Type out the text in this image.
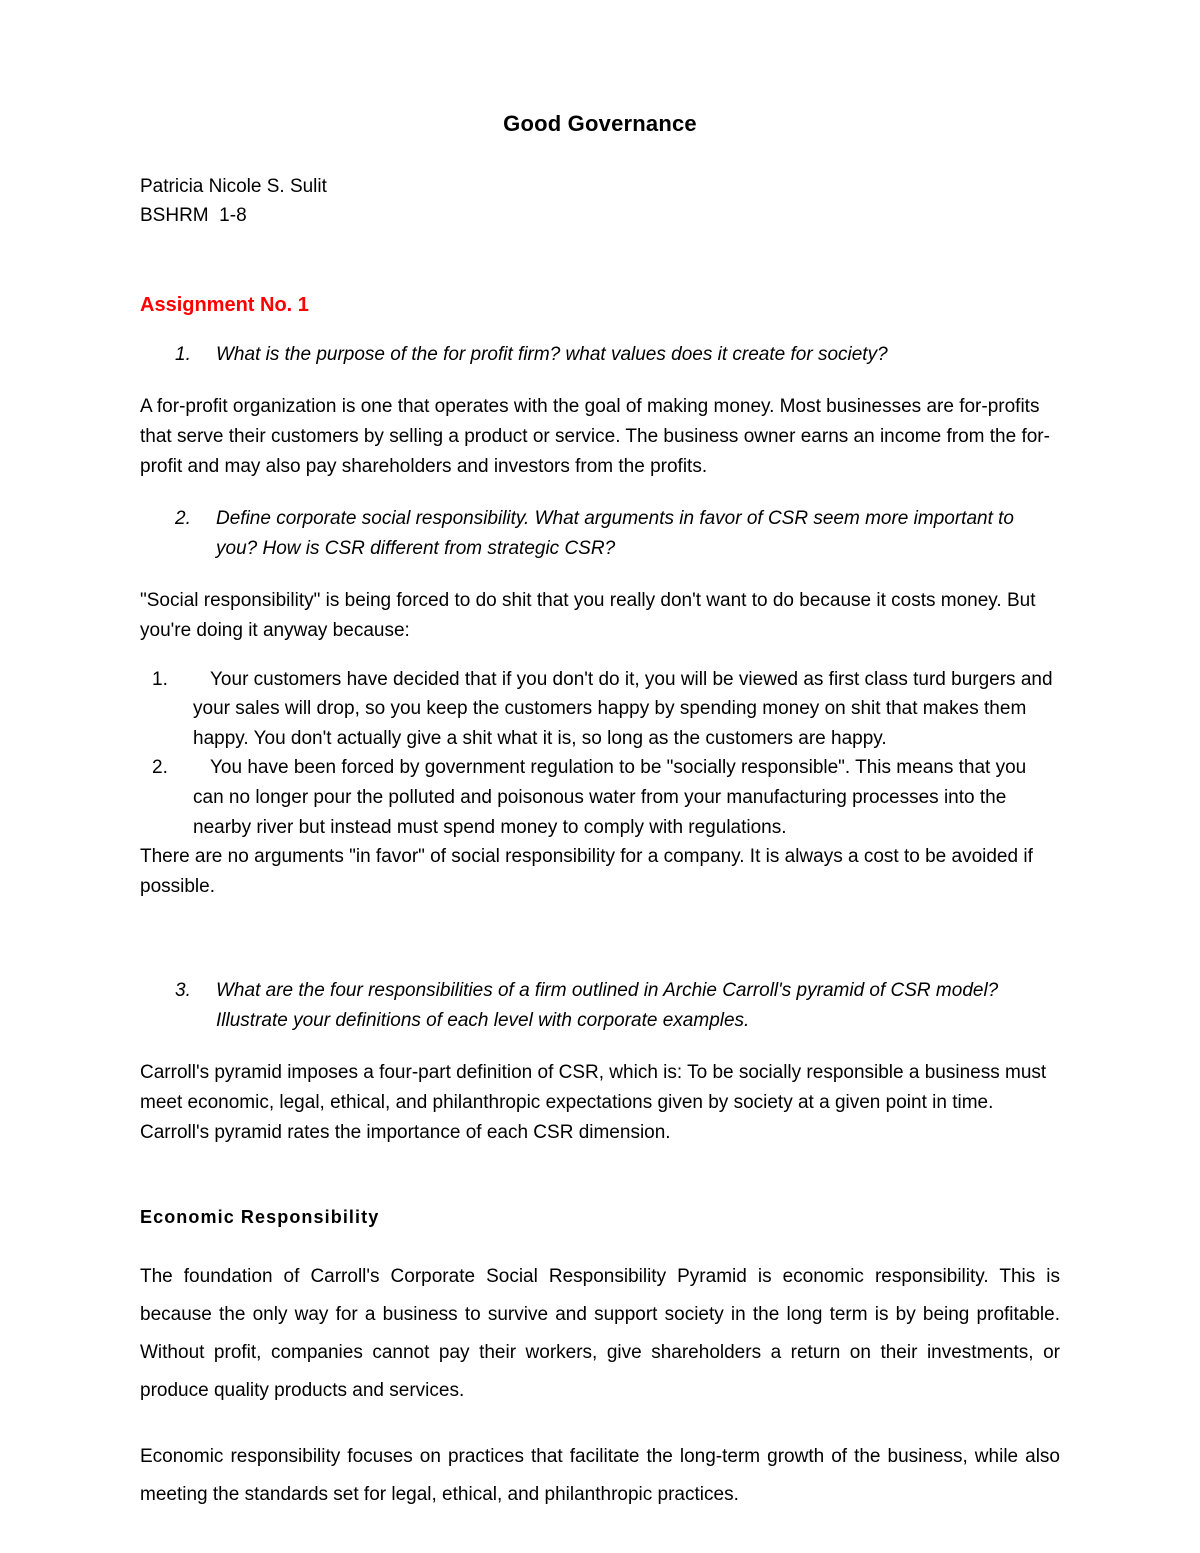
Good Governance
Patricia Nicole S. Sulit
BSHRM  1-8
Assignment No. 1
1. What is the purpose of the for profit firm? what values does it create for society?

A for-profit organization is one that operates with the goal of making money. Most businesses are for-profits that serve their customers by selling a product or service. The business owner earns an income from the for-profit and may also pay shareholders and investors from the profits.

2. Define corporate social responsibility. What arguments in favor of CSR seem more important to you? How is CSR different from strategic CSR?

"Social responsibility" is being forced to do shit that you really don't want to do because it costs money. But you're doing it anyway because:

1. Your customers have decided that if you don't do it, you will be viewed as first class turd burgers and your sales will drop, so you keep the customers happy by spending money on shit that makes them happy. You don't actually give a shit what it is, so long as the customers are happy.
2. You have been forced by government regulation to be "socially responsible". This means that you can no longer pour the polluted and poisonous water from your manufacturing processes into the nearby river but instead must spend money to comply with regulations.

There are no arguments "in favor" of social responsibility for a company. It is always a cost to be avoided if possible.

3. What are the four responsibilities of a firm outlined in Archie Carroll's pyramid of CSR model? Illustrate your definitions of each level with corporate examples.

Carroll's pyramid imposes a four-part definition of CSR, which is: To be socially responsible a business must meet economic, legal, ethical, and philanthropic expectations given by society at a given point in time. Carroll's pyramid rates the importance of each CSR dimension.

Economic Responsibility

The foundation of Carroll's Corporate Social Responsibility Pyramid is economic responsibility. This is because the only way for a business to survive and support society in the long term is by being profitable. Without profit, companies cannot pay their workers, give shareholders a return on their investments, or produce quality products and services.

Economic responsibility focuses on practices that facilitate the long-term growth of the business, while also meeting the standards set for legal, ethical, and philanthropic practices.
